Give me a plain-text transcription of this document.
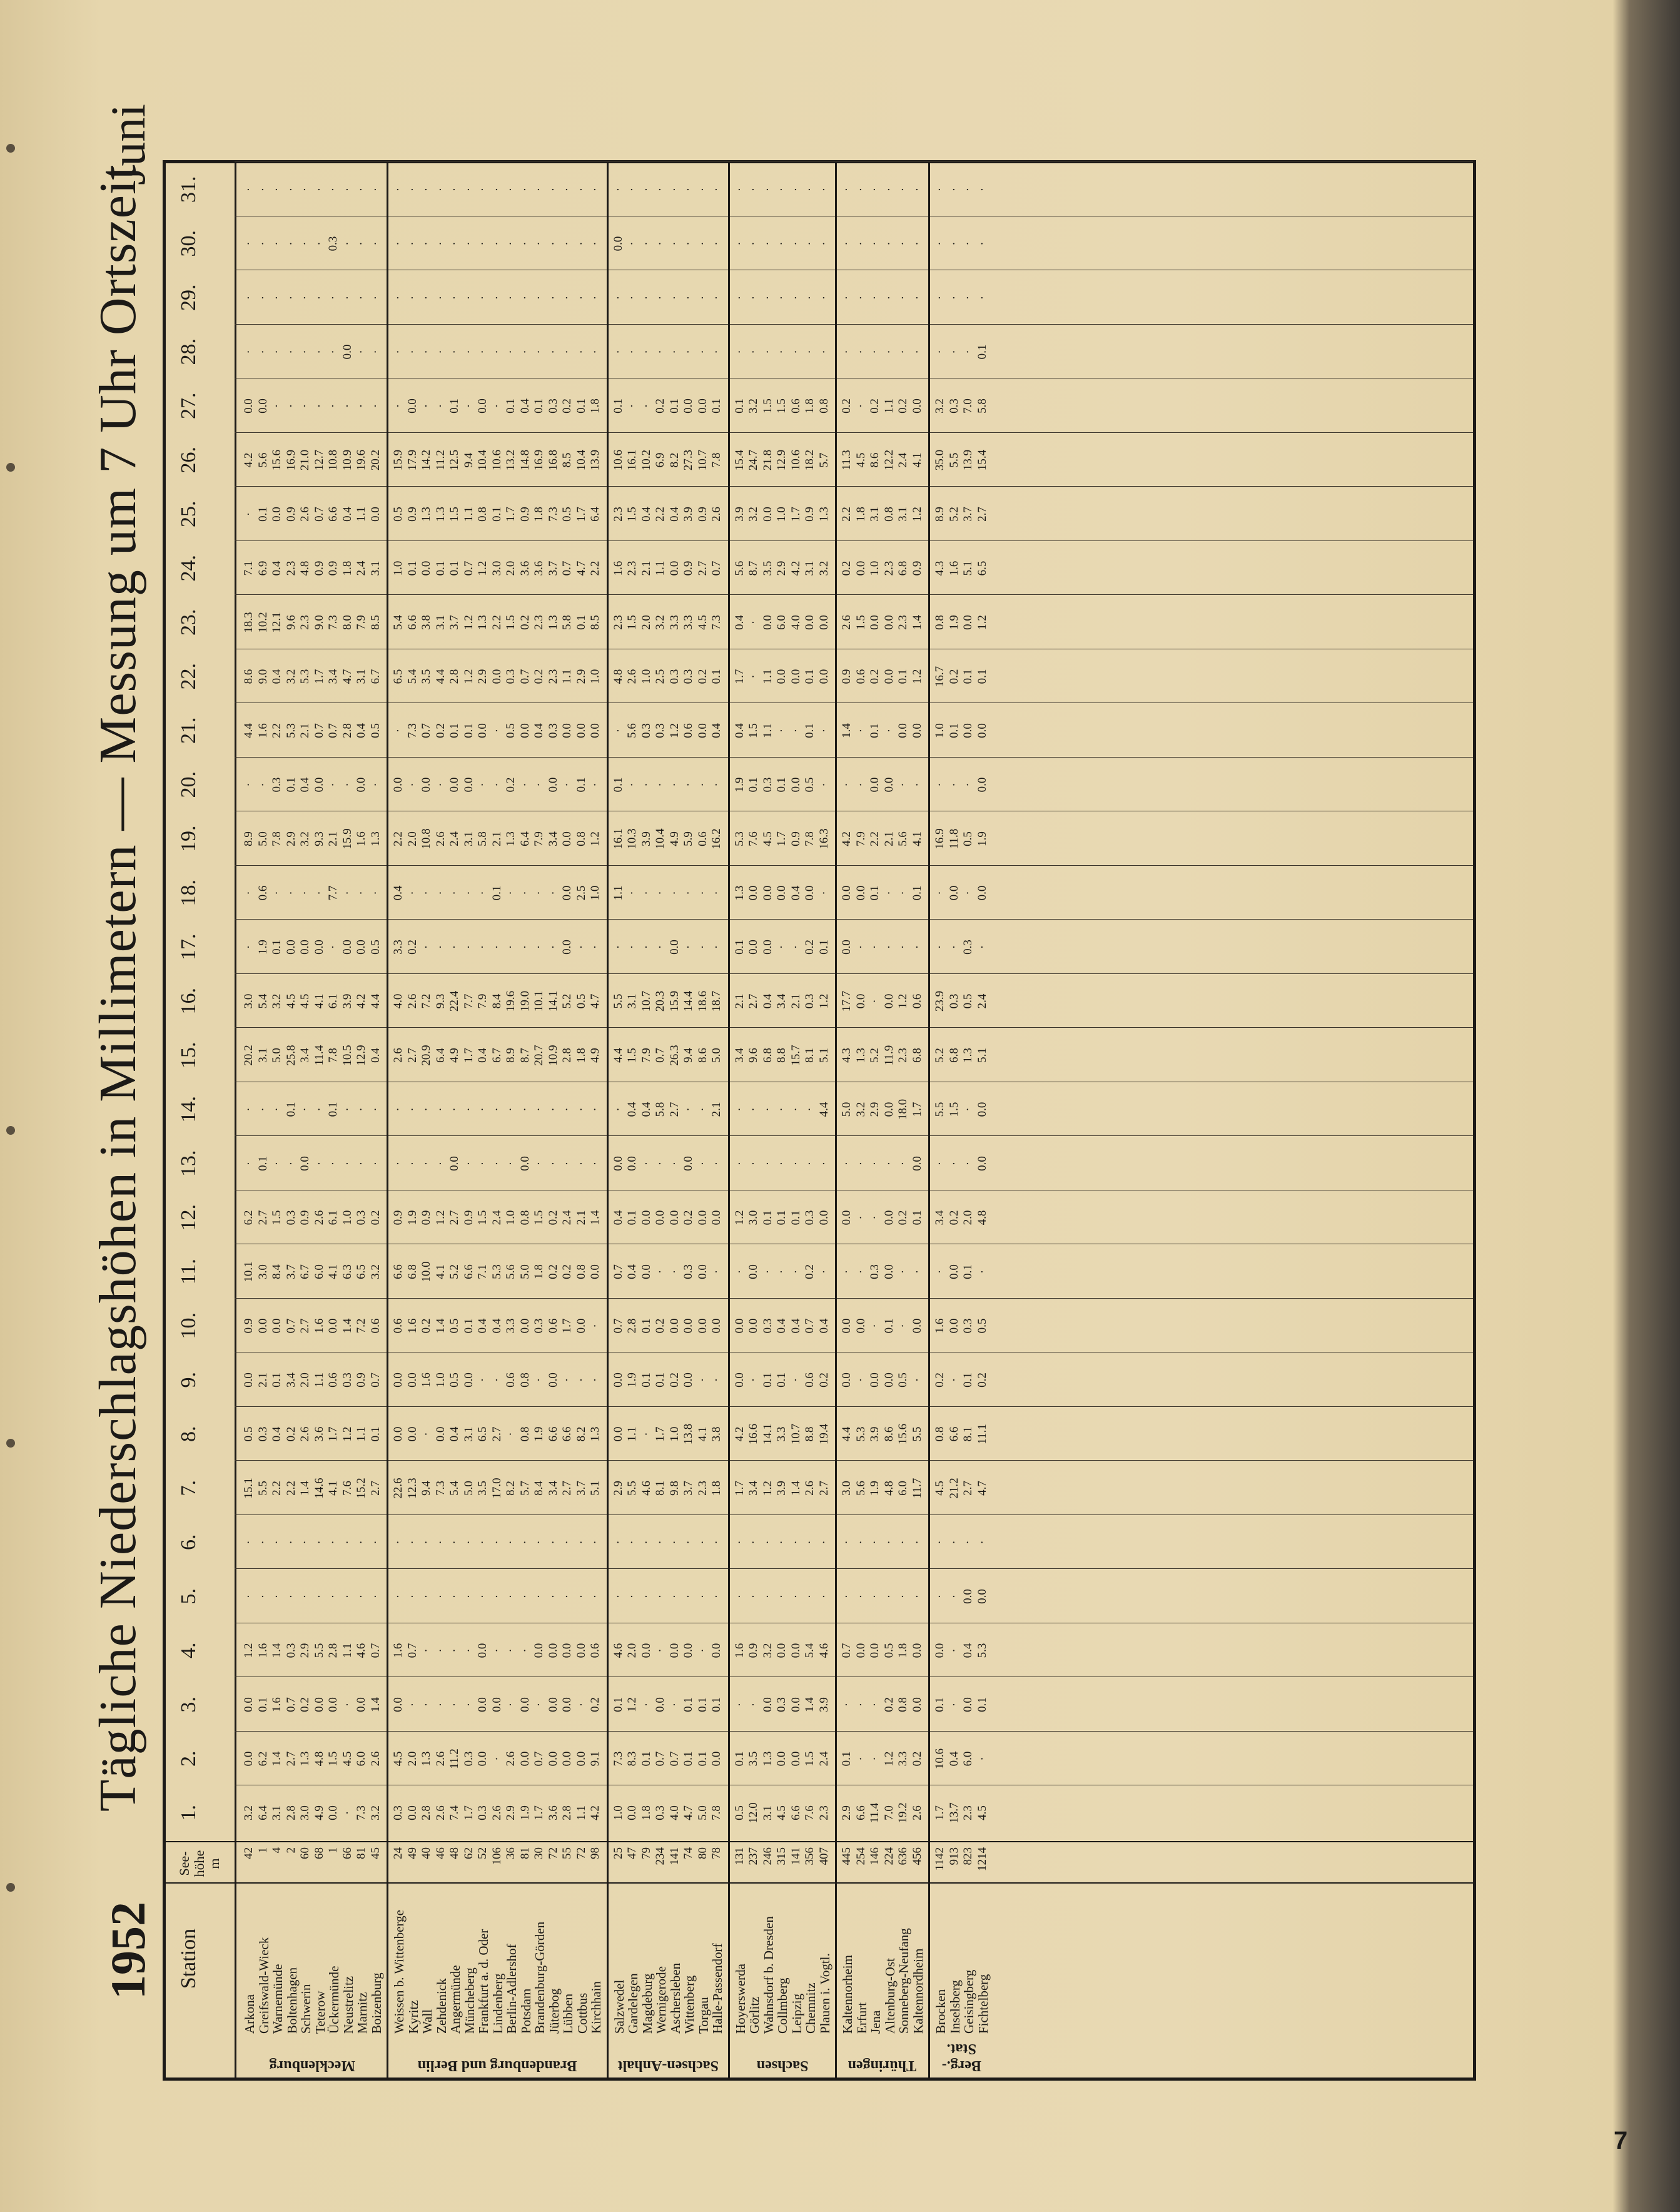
1952
Tägliche Niederschlagshöhen in Millimetern — Messung um 7 Uhr Ortszeit
Juni
Station
See-höhe m
1.
2.
3.
4.
5.
6.
7.
8.
9.
10.
11.
12.
13.
14.
15.
16.
17.
18.
19.
20.
21.
22.
23.
24.
25.
26.
27.
28.
29.
30.
31.
Arkona
42
3.2
0.0
0.0
1.2
·
·
15.1
0.5
0.0
0.9
10.1
6.2
·
·
20.2
3.0
·
·
8.9
·
4.4
8.6
18.3
7.1
·
4.2
0.0
·
·
·
·
Greifswald-Wieck
1
6.4
6.2
0.1
1.6
·
·
5.5
0.3
2.1
0.0
3.0
2.7
0.1
·
3.1
5.4
1.9
0.6
5.0
·
1.6
9.0
10.2
6.9
0.1
5.6
0.0
·
·
·
·
Warnemünde
4
3.1
1.4
1.6
1.4
·
·
2.2
0.4
0.1
0.0
8.4
1.5
·
·
5.0
3.2
0.1
·
7.8
0.3
2.2
0.4
12.1
0.4
0.0
15.6
·
·
·
·
·
Boltenhagen
2
2.8
2.7
0.7
0.3
·
·
2.2
0.2
3.4
0.7
3.7
0.3
·
0.1
25.8
4.5
0.0
·
2.9
0.1
5.3
3.2
9.6
2.3
0.9
16.9
·
·
·
·
·
Schwerin
60
3.0
1.3
0.2
2.9
·
·
1.4
2.6
2.0
2.7
6.7
0.9
0.0
·
3.4
4.5
0.0
·
3.2
0.4
2.1
5.3
2.3
4.8
2.6
21.0
·
·
·
·
·
Teterow
68
4.9
4.8
0.0
5.5
·
·
14.6
3.6
1.1
1.6
6.0
2.6
·
·
11.4
4.1
0.0
·
9.3
0.0
0.7
1.7
9.0
0.9
0.7
12.7
·
·
·
·
·
Ückermünde
1
0.0
1.5
0.0
2.8
·
·
4.1
1.7
0.6
0.0
4.1
6.1
·
0.1
7.8
6.1
·
7.7
2.1
·
0.7
3.4
7.3
0.9
6.6
10.8
·
·
·
0.3
·
Neustrelitz
66
·
4.5
·
1.1
·
·
7.6
1.2
0.3
1.4
6.3
1.0
·
·
10.5
3.9
0.0
·
15.9
·
2.8
4.7
8.0
1.8
0.4
10.9
·
0.0
·
·
·
Marnitz
81
7.3
6.0
0.0
4.6
·
·
15.2
1.1
0.9
7.2
6.5
0.3
·
·
12.9
4.2
0.0
·
1.6
0.0
0.4
3.1
7.9
2.4
1.1
19.6
·
·
·
·
·
Boizenburg
45
3.2
2.6
1.4
0.7
·
·
2.7
0.1
0.7
0.6
3.2
0.2
·
·
0.4
4.4
0.5
·
1.3
·
0.5
6.7
8.5
3.1
0.0
20.2
·
·
·
·
·
Mecklenburg
Weissen b. Wittenberge
24
0.3
4.5
0.0
1.6
·
·
22.6
0.0
0.0
0.6
6.6
0.9
·
·
2.6
4.0
3.3
0.4
2.2
0.0
·
6.5
5.4
1.0
0.5
15.9
·
·
·
·
·
Kyritz
49
0.0
2.0
·
0.7
·
·
12.3
0.0
0.0
1.6
6.8
1.9
·
·
2.7
2.6
0.2
·
2.0
·
7.3
5.4
6.6
0.1
0.9
17.9
0.0
·
·
·
·
Wall
40
2.8
1.3
·
·
·
·
9.4
·
1.6
0.2
10.0
0.9
·
·
20.9
7.2
·
·
10.8
0.0
0.7
3.5
3.8
0.0
1.3
14.2
·
·
·
·
·
Zehdenick
46
2.6
2.6
·
·
·
·
7.3
0.0
1.0
1.4
4.1
1.2
·
·
6.4
9.3
·
·
2.6
·
0.2
4.4
3.1
0.1
1.3
11.2
·
·
·
·
·
Angermünde
48
7.4
11.2
·
·
·
·
5.4
0.4
0.5
0.5
5.2
2.7
0.0
·
4.9
22.4
·
·
2.4
0.0
0.1
2.8
3.7
0.1
1.5
12.5
0.1
·
·
·
·
Müncheberg
62
1.7
0.3
·
·
·
·
5.0
3.1
0.0
0.1
6.6
0.9
·
·
1.7
7.7
·
·
3.1
0.0
0.1
1.2
1.2
0.7
1.1
9.4
·
·
·
·
·
Frankfurt a. d. Oder
52
0.3
0.0
0.0
0.0
·
·
3.5
6.5
·
0.4
7.1
1.5
·
·
0.4
7.9
·
·
5.8
·
0.0
2.9
1.3
1.2
0.8
10.4
0.0
·
·
·
·
Lindenberg
106
2.6
·
0.0
·
·
·
17.0
2.7
·
0.4
5.3
2.4
·
·
6.7
8.4
·
0.1
2.1
·
·
0.0
2.2
3.0
0.1
10.6
·
·
·
·
·
Berlin-Adlershof
36
2.9
2.6
·
·
·
·
8.2
·
0.6
3.3
5.6
1.0
·
·
8.9
19.6
·
·
1.3
0.2
0.5
0.3
1.5
2.0
1.7
13.2
0.1
·
·
·
·
Potsdam
81
1.9
0.0
0.0
·
·
·
5.7
0.8
0.8
0.0
5.0
0.8
0.0
·
8.7
19.0
·
·
6.4
·
0.0
0.7
0.2
3.6
0.9
14.8
0.4
·
·
·
·
Brandenburg-Görden
30
1.7
0.7
·
0.0
·
·
8.4
1.9
·
0.3
1.8
1.5
·
·
20.7
10.1
·
·
7.9
·
0.4
0.2
2.3
3.6
1.8
16.9
0.1
·
·
·
·
Jüterbog
72
3.6
0.0
0.0
0.0
·
·
3.4
6.6
0.0
0.6
0.2
0.2
·
·
10.9
14.1
·
·
3.4
0.0
0.3
2.3
1.3
3.7
7.3
16.8
0.3
·
·
·
·
Lübben
55
2.8
0.0
0.0
0.0
·
·
2.7
6.6
·
1.7
0.2
2.4
·
·
2.8
5.2
0.0
0.0
0.0
·
0.0
1.1
5.8
0.7
0.5
8.5
0.2
·
·
·
·
Cottbus
72
1.1
0.0
·
0.0
·
·
3.7
8.2
·
0.0
0.8
2.1
·
·
1.8
0.5
·
2.5
0.8
0.1
0.0
2.9
0.1
4.7
1.7
10.4
0.1
·
·
·
·
Kirchhain
98
4.2
9.1
0.2
0.6
·
·
5.1
1.3
·
·
0.0
1.4
·
·
4.9
4.7
·
1.0
1.2
·
0.0
1.0
8.5
2.2
6.4
13.9
1.8
·
·
·
·
Brandenburg und Berlin
Salzwedel
25
1.0
7.3
0.1
4.6
·
·
2.9
0.0
0.0
0.7
0.7
0.4
0.0
·
4.4
5.5
·
1.1
16.1
0.1
·
4.8
2.3
1.6
2.3
10.6
0.1
·
·
0.0
·
Gardelegen
47
0.0
8.3
1.2
2.0
·
·
5.5
1.1
1.9
2.8
0.4
0.1
0.0
0.4
1.5
3.1
·
·
10.3
·
5.6
2.6
1.5
2.3
1.5
16.1
·
·
·
·
·
Magdeburg
79
1.8
0.1
·
0.0
·
·
4.6
·
0.1
0.1
0.0
0.0
·
0.4
7.9
10.7
·
·
3.9
·
0.3
1.0
2.0
2.1
0.4
10.2
·
·
·
·
·
Wernigerode
234
0.3
0.7
0.0
·
·
·
8.1
1.7
0.1
0.2
·
0.0
·
5.8
0.7
20.3
·
·
10.4
·
0.3
2.5
3.2
1.1
2.2
6.9
0.2
·
·
·
·
Aschersleben
141
4.0
0.7
·
0.0
·
·
9.8
1.0
0.2
0.0
·
0.0
·
2.7
26.3
15.9
0.0
·
4.9
·
1.2
0.3
3.3
0.0
0.4
8.2
0.1
·
·
·
·
Wittenberg
74
4.7
0.1
0.1
0.0
·
·
3.7
13.8
0.0
0.0
0.3
0.2
0.0
·
9.4
14.4
·
·
5.9
·
0.6
0.3
3.3
0.9
3.9
27.3
0.0
·
·
·
·
Torgau
80
5.0
0.1
0.1
·
·
·
2.3
4.1
·
0.0
0.0
0.0
·
·
8.6
18.6
·
·
0.6
·
0.0
0.2
4.5
2.7
0.9
10.7
0.0
·
·
·
·
Halle-Passendorf
78
7.8
0.0
0.1
0.0
·
·
1.8
3.8
·
0.0
·
0.0
·
2.1
5.0
18.7
·
·
16.2
·
0.4
0.1
7.3
0.7
2.6
7.8
0.1
·
·
·
·
Sachsen-Anhalt
Hoyerswerda
131
0.5
0.1
·
1.6
·
·
1.7
4.2
0.0
0.0
·
1.2
·
·
3.4
2.1
0.1
1.3
5.3
1.9
0.4
1.7
0.4
5.6
3.9
15.4
0.1
·
·
·
·
Görlitz
237
12.0
3.5
·
0.9
·
·
3.4
16.6
·
0.0
0.0
3.0
·
·
9.6
2.7
0.0
0.0
7.6
0.1
1.5
·
·
8.7
3.2
24.7
3.2
·
·
·
·
Wahnsdorf b. Dresden
246
3.1
1.3
0.0
3.2
·
·
1.2
14.1
0.1
0.3
·
0.1
·
·
6.8
0.4
0.0
0.0
4.5
0.3
1.1
1.1
0.0
3.5
0.0
21.8
1.5
·
·
·
·
Collmberg
315
4.5
0.0
0.3
0.0
·
·
3.9
3.3
0.1
0.4
·
0.1
·
·
8.8
3.4
·
0.0
1.7
0.1
·
0.0
6.0
2.9
1.0
12.9
1.5
·
·
·
·
Leipzig
141
6.6
0.0
0.0
0.0
·
·
1.4
10.7
·
0.4
·
0.1
·
·
15.7
2.1
·
0.4
0.9
0.0
·
0.0
4.0
4.2
1.7
10.6
0.6
·
·
·
·
Chemnitz
356
7.6
1.5
1.4
5.4
·
·
2.6
8.8
0.6
0.7
0.2
0.3
·
·
8.1
0.3
0.2
0.0
7.8
0.5
0.1
0.1
0.0
3.1
0.9
18.2
1.8
·
·
·
·
Plauen i. Vogtl.
407
2.3
2.4
3.9
4.6
·
·
2.7
19.4
0.2
0.4
·
0.0
·
4.4
5.1
1.2
0.1
·
16.3
·
·
0.0
0.0
3.2
1.3
5.7
0.8
·
·
·
·
Sachsen
Kaltennorheim
445
2.9
0.1
·
0.7
·
·
3.0
4.4
0.0
0.0
·
0.0
·
5.0
4.3
17.7
0.0
0.0
4.2
·
1.4
0.9
2.6
0.2
2.2
11.3
0.2
·
·
·
·
Erfurt
254
6.6
·
·
0.0
·
·
5.6
5.3
·
0.0
·
·
·
3.2
1.3
0.0
·
0.0
7.9
·
·
0.6
1.5
0.0
1.8
4.5
·
·
·
·
·
Jena
146
11.4
·
·
0.0
·
·
1.9
3.9
0.0
·
0.3
·
·
2.9
5.2
·
·
0.1
2.2
0.0
0.1
0.2
0.0
1.0
3.1
8.6
0.2
·
·
·
·
Altenburg-Ost
224
7.0
1.2
0.2
0.5
·
·
4.8
8.6
0.0
0.1
0.0
0.0
·
0.0
11.9
0.0
·
·
2.1
0.0
·
0.0
0.0
2.3
0.8
12.2
1.1
·
·
·
·
Sonneberg-Neufang
636
19.2
3.3
0.8
1.8
·
·
6.0
15.6
0.5
·
·
0.2
·
18.0
2.3
1.2
·
·
5.6
·
0.0
0.1
2.3
6.8
3.1
2.4
0.2
·
·
·
·
Kaltennordheim
456
2.6
0.2
0.0
0.0
·
·
11.7
5.5
·
0.0
·
0.1
0.0
1.7
6.8
0.6
·
0.1
4.1
·
0.0
1.2
1.4
0.9
1.2
4.1
0.0
·
·
·
·
Thüringen
Brocken
1142
1.7
10.6
0.1
0.0
·
·
4.5
0.8
0.2
1.6
·
3.4
·
5.5
5.2
23.9
·
·
16.9
·
1.0
16.7
0.8
4.3
8.9
35.0
3.2
·
·
·
·
Inselsberg
913
13.7
0.4
·
·
·
·
21.2
6.6
·
0.0
0.0
0.2
·
1.5
6.8
0.3
·
0.0
11.8
·
0.1
0.2
1.9
1.6
5.2
5.5
0.3
·
·
·
·
Geisingberg
823
2.3
6.0
0.0
0.4
0.0
·
2.7
8.1
0.1
0.3
0.1
2.0
·
·
1.3
0.5
0.3
·
0.5
·
0.0
0.1
0.0
5.1
3.7
13.9
7.0
·
·
·
·
Fichtelberg
1214
4.5
·
0.1
5.3
0.0
·
4.7
11.1
0.2
0.5
·
4.8
0.0
0.0
5.1
2.4
·
0.0
1.9
0.0
0.0
0.1
1.2
6.5
2.7
15.4
5.8
0.1
·
·
·
Berg.-Stat.
7
